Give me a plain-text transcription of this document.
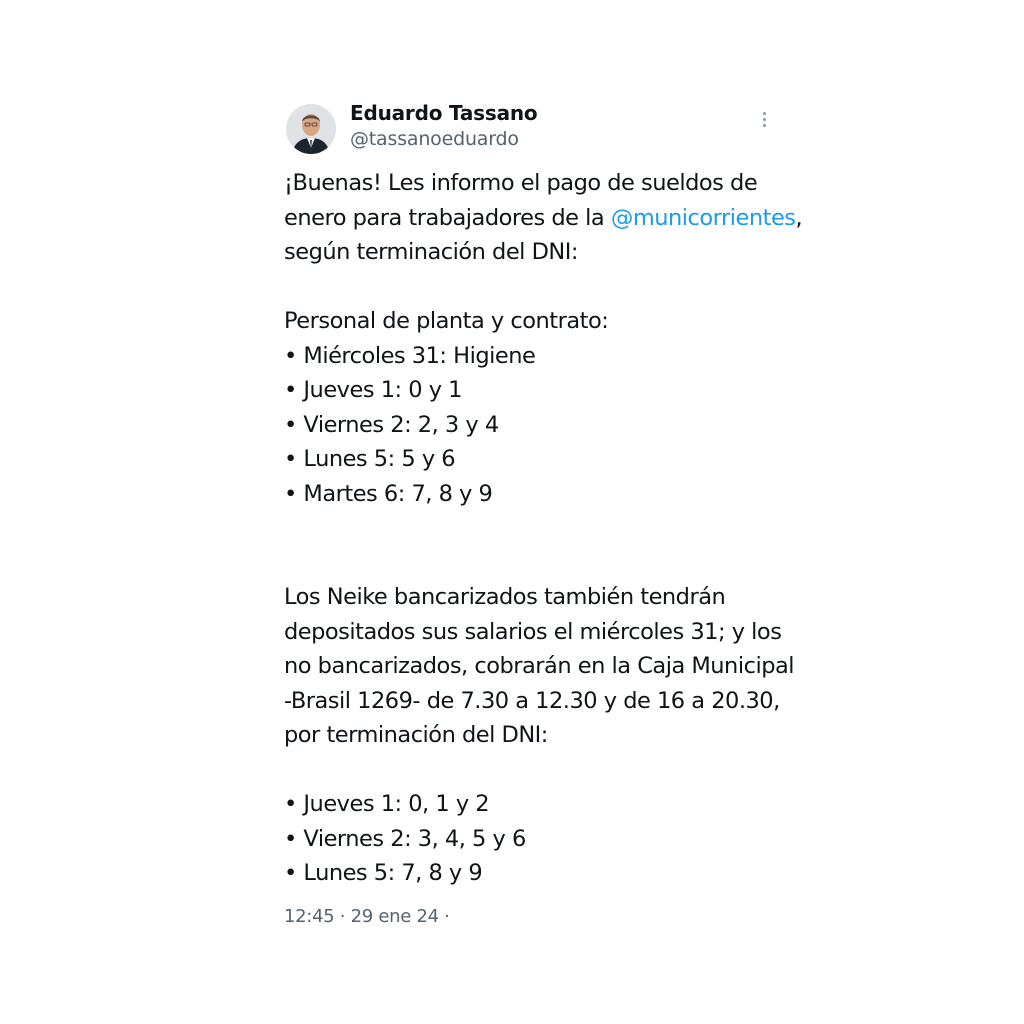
Eduardo Tassano
@tassanoeduardo

¡Buenas! Les informo el pago de sueldos de enero para trabajadores de la @municorrientes, según terminación del DNI:

Personal de planta y contrato:

• Miércoles 31: Higiene

• Jueves 1: 0 y 1

• Viernes 2: 2, 3 y 4

• Lunes 5: 5 y 6

• Martes 6: 7, 8 y 9

Los Neike bancarizados también tendrán depositados sus salarios el miércoles 31; y los no bancarizados, cobrarán en la Caja Municipal -Brasil 1269- de 7.30 a 12.30 y de 16 a 20.30, por terminación del DNI:

• Jueves 1: 0, 1 y 2

• Viernes 2: 3, 4, 5 y 6

• Lunes 5: 7, 8 y 9

12:45 · 29 ene 24 ·
